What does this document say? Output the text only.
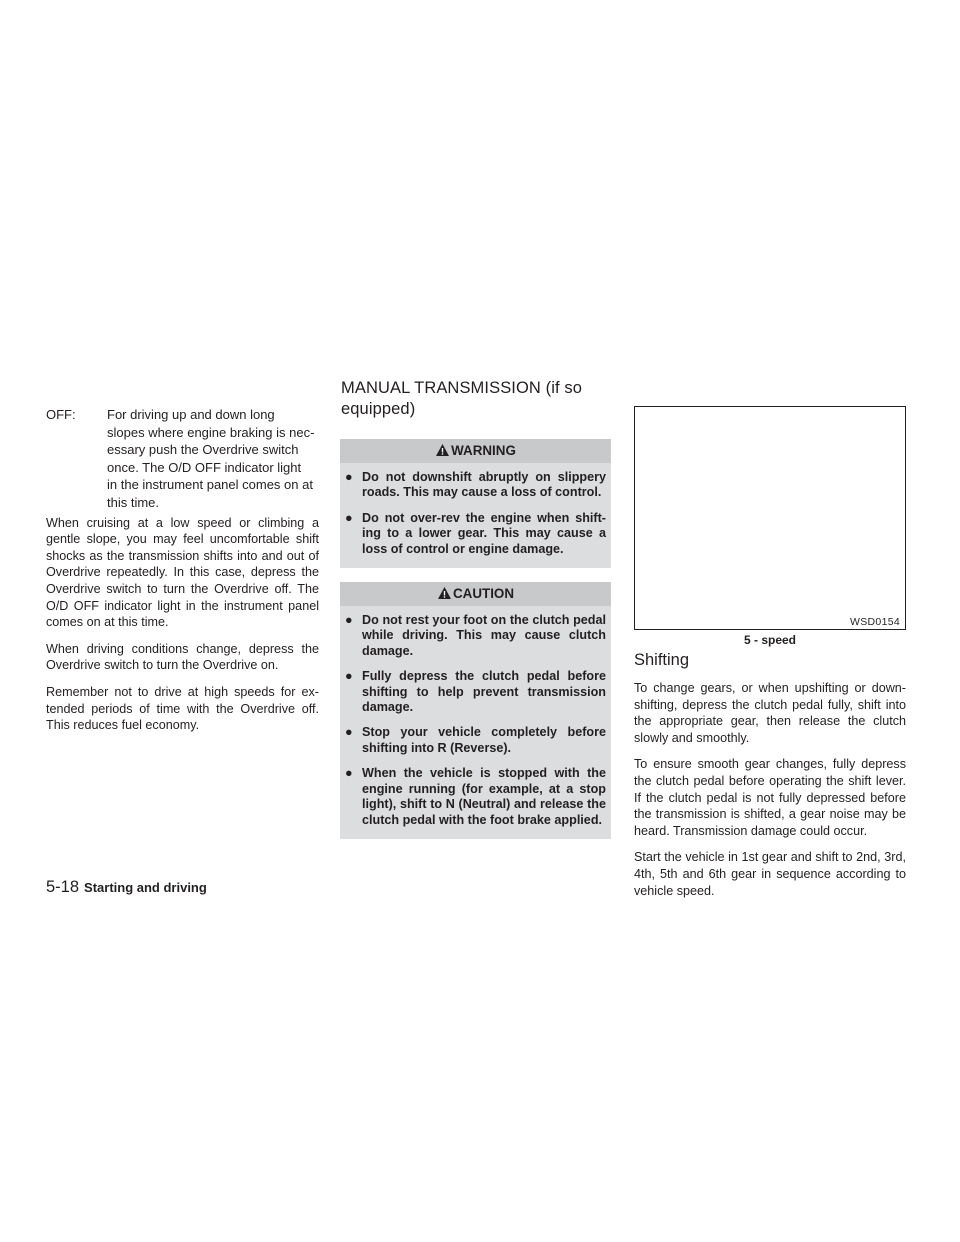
OFF:	For driving up and down long
slopes where engine braking is nec-
essary push the Overdrive switch
once. The O/D OFF indicator light
in the instrument panel comes on at
this time.

When cruising at a low speed or climbing a gentle slope, you may feel uncomfortable shift shocks as the transmission shifts into and out of Overdrive repeatedly. In this case, depress the Overdrive switch to turn the Overdrive off. The O/D OFF indicator light in the instrument panel comes on at this time.

When driving conditions change, depress the Overdrive switch to turn the Overdrive on.

Remember not to drive at high speeds for ex-tended periods of time with the Overdrive off. This reduces fuel economy.

MANUAL TRANSMISSION (if so equipped)
WARNING
● Do not downshift abruptly on slippery roads. This may cause a loss of control.
● Do not over-rev the engine when shift-ing to a lower gear. This may cause a loss of control or engine damage.
CAUTION
● Do not rest your foot on the clutch pedal while driving. This may cause clutch damage.
● Fully depress the clutch pedal before shifting to help prevent transmission damage.
● Stop your vehicle completely before shifting into R (Reverse).
● When the vehicle is stopped with the engine running (for example, at a stop light), shift to N (Neutral) and release the clutch pedal with the foot brake applied.
WSD0154
5 - speed
Shifting

To change gears, or when upshifting or down-shifting, depress the clutch pedal fully, shift into the appropriate gear, then release the clutch slowly and smoothly.

To ensure smooth gear changes, fully depress the clutch pedal before operating the shift lever. If the clutch pedal is not fully depressed before the transmission is shifted, a gear noise may be heard. Transmission damage could occur.

Start the vehicle in 1st gear and shift to 2nd, 3rd, 4th, 5th and 6th gear in sequence according to vehicle speed.

5-18 Starting and driving
